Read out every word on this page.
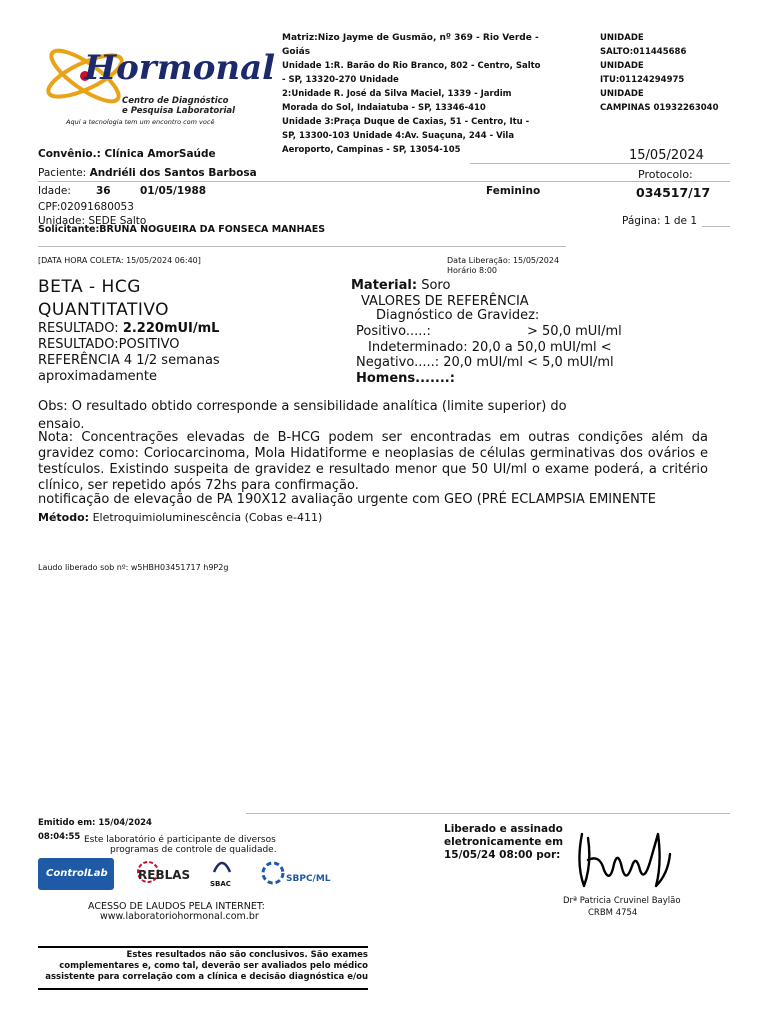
Hormonal
Centro de Diagnóstico
e Pesquisa Laboratorial
Aqui a tecnologia tem um encontro com você
Matriz:Nizo Jayme de Gusmão, nº 369 - Rio Verde -
Goiás
Unidade 1:R. Barão do Rio Branco, 802 - Centro, Salto
- SP, 13320-270 Unidade
2:Unidade R. José da Silva Maciel, 1339 - Jardim
Morada do Sol, Indaiatuba - SP, 13346-410
Unidade 3:Praça Duque de Caxias, 51 - Centro, Itu -
SP, 13300-103 Unidade 4:Av. Suaçuna, 244 - Vila
Aeroporto, Campinas - SP, 13054-105
UNIDADE
SALTO:011445686
UNIDADE
ITU:01124294975
UNIDADE
CAMPINAS 01932263040
Convênio.: Clínica AmorSaúde	15/05/2024
Paciente: Andriéli dos Santos Barbosa	Protocolo:
Idade: 36	01/05/1988	Feminino	034517/17
CPF:02091680053
Unidade: SEDE Salto	Página: 1 de 1
Solicitante:BRUNA NOGUEIRA DA FONSECA MANHAES
[DATA HORA COLETA: 15/05/2024 06:40]	Data Liberação: 15/05/2024
Horário 8:00
BETA - HCG
QUANTITATIVO
RESULTADO: 2.220mUI/mL
RESULTADO:POSITIVO
REFERÊNCIA 4 1/2 semanas
aproximadamente
Material: Soro
VALORES DE REFERÊNCIA
Diagnóstico de Gravidez:
Positivo.....:	> 50,0 mUI/ml
Indeterminado: 20,0 a 50,0 mUI/ml <
Negativo.....: 20,0 mUI/ml < 5,0 mUI/ml
Homens.......:
Obs: O resultado obtido corresponde a sensibilidade analítica (limite superior) do
ensaio.
Nota: Concentrações elevadas de B-HCG podem ser encontradas em outras condições além da gravidez como: Coriocarcinoma, Mola Hidatiforme e neoplasias de células germinativas dos ovários e testículos. Existindo suspeita de gravidez e resultado menor que 50 UI/ml o exame poderá, a critério clínico, ser repetido após 72hs para confirmação.
notificação de elevação de PA 190X12 avaliação urgente com GEO (PRÉ ECLAMPSIA EMINENTE
Método: Eletroquimioluminescência (Cobas e-411)
Laudo liberado sob nº: w5HBH03451717 h9P2g
Emitido em: 15/04/2024
08:04:55 Este laboratório é participante de diversos
programas de controle de qualidade.
ControlLab	REBLAS
SBAC	SBPC/ML
ACESSO DE LAUDOS PELA INTERNET:
www.laboratoriohormonal.com.br
Liberado e assinado
eletronicamente em
15/05/24 08:00 por:
Drª Patricia Cruvinel Baylão
CRBM 4754
Estes resultados não são conclusivos. São exames
complementares e, como tal, deverão ser avaliados pelo médico
assistente para correlação com a clínica e decisão diagnóstica e/ou
